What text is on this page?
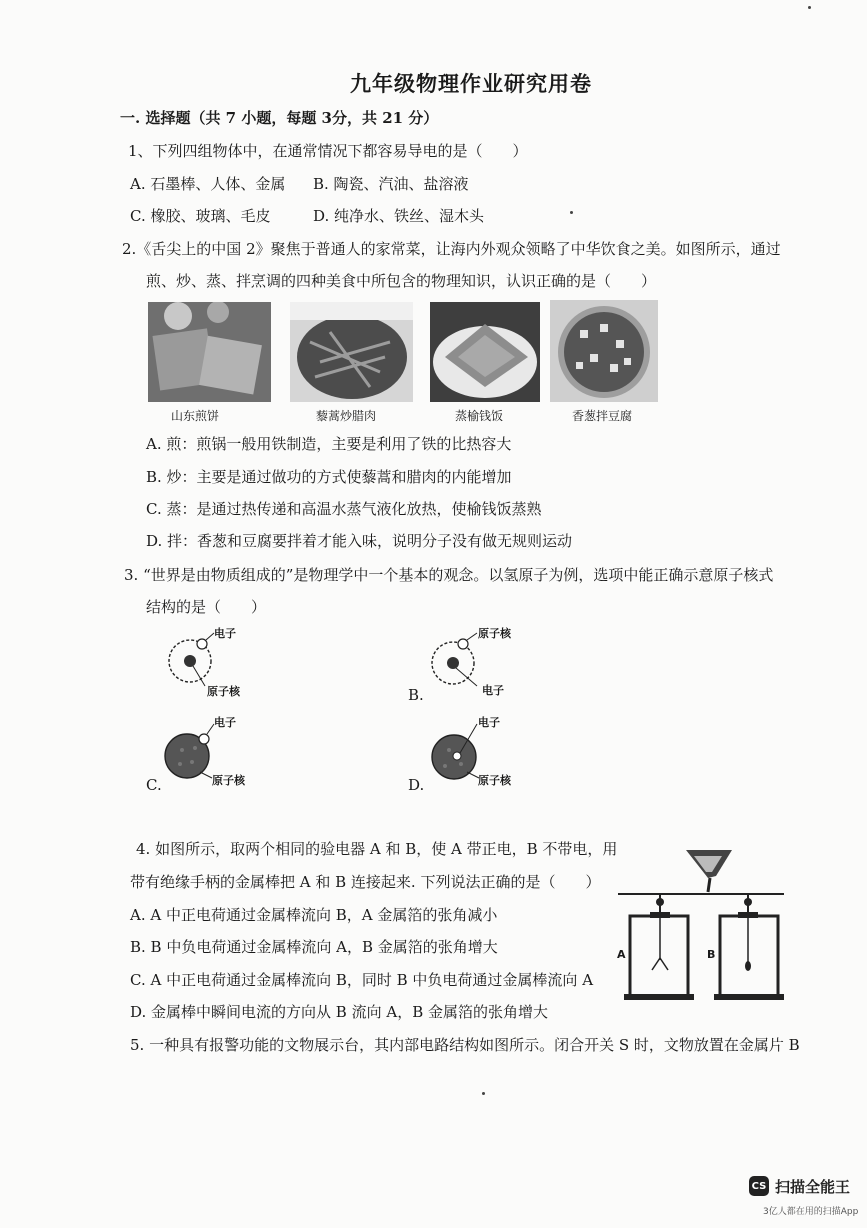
九年级物理作业研究用卷
一. 选择题（共 7 小题，每题 3分，共 21 分）
1、下列四组物体中，在通常情况下都容易导电的是（　　）
A. 石墨棒、人体、金属 B. 陶瓷、汽油、盐溶液
C. 橡胶、玻璃、毛皮	D. 纯净水、铁丝、湿木头
2.《舌尖上的中国 2》聚焦于普通人的家常菜，让海内外观众领略了中华饮食之美。如图所示，通过
煎、炒、蒸、拌烹调的四种美食中所包含的物理知识，认识正确的是（　　）
山东煎饼	藜蒿炒腊肉	蒸榆钱饭	香葱拌豆腐
A. 煎：煎锅一般用铁制造，主要是利用了铁的比热容大
B. 炒：主要是通过做功的方式使藜蒿和腊肉的内能增加
C. 蒸：是通过热传递和高温水蒸气液化放热，使榆钱饭蒸熟
D. 拌：香葱和豆腐要拌着才能入味，说明分子没有做无规则运动
3. “世界是由物质组成的”是物理学中一个基本的观念。以氢原子为例，选项中能正确示意原子核式
结构的是（　　）
电子
原子核
原子核
电子
B.
电子
原子核
C.
电子
原子核
D.
4. 如图所示，取两个相同的验电器 A 和 B，使 A 带正电，B 不带电，用
带有绝缘手柄的金属棒把 A 和 B 连接起来. 下列说法正确的是（　　）
A. A 中正电荷通过金属棒流向 B，A 金属箔的张角减小
B. B 中负电荷通过金属棒流向 A，B 金属箔的张角增大
C. A 中正电荷通过金属棒流向 B，同时 B 中负电荷通过金属棒流向 A
D. 金属棒中瞬间电流的方向从 B 流向 A，B 金属箔的张角增大
A	B
5. 一种具有报警功能的文物展示台，其内部电路结构如图所示。闭合开关 S 时，文物放置在金属片 B
CS 扫描全能王
3亿人都在用的扫描App
